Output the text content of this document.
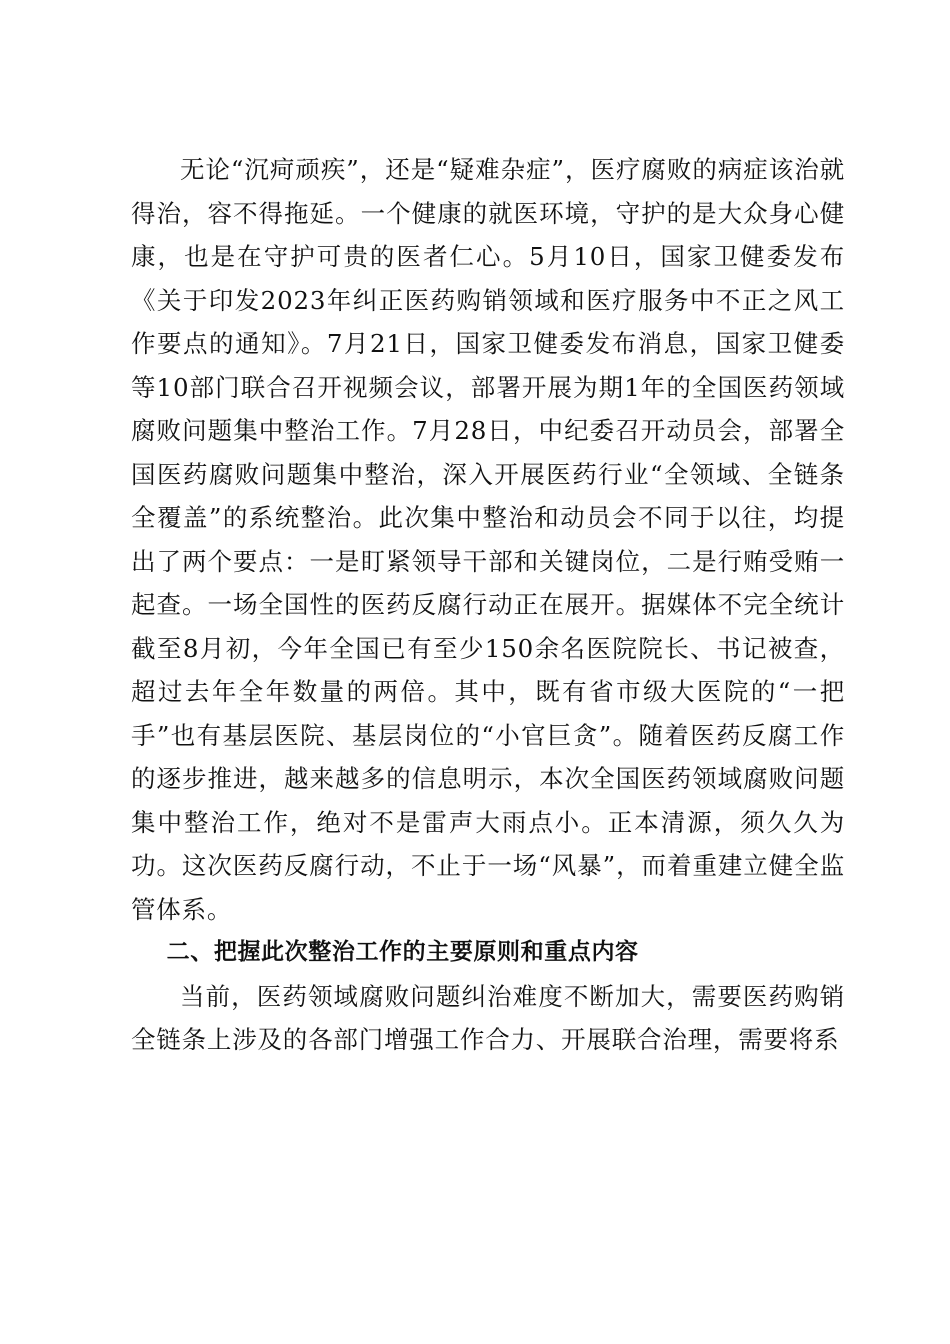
无论“沉疴顽疾”，还是“疑难杂症”，医疗腐败的病症该治就得治，容不得拖延。一个健康的就医环境，守护的是大众身心健康，也是在守护可贵的医者仁心。5月10日，国家卫健委发布《关于印发2023年纠正医药购销领域和医疗服务中不正之风工作要点的通知》。7月21日，国家卫健委发布消息，国家卫健委等10部门联合召开视频会议，部署开展为期1年的全国医药领域腐败问题集中整治工作。7月28日，中纪委召开动员会，部署全国医药腐败问题集中整治，深入开展医药行业“全领域、全链条全覆盖”的系统整治。此次集中整治和动员会不同于以往，均提出了两个要点：一是盯紧领导干部和关键岗位，二是行贿受贿一起查。一场全国性的医药反腐行动正在展开。据媒体不完全统计截至8月初，今年全国已有至少150余名医院院长、书记被查，超过去年全年数量的两倍。其中，既有省市级大医院的“一把手”也有基层医院、基层岗位的“小官巨贪”。随着医药反腐工作的逐步推进，越来越多的信息明示，本次全国医药领域腐败问题集中整治工作，绝对不是雷声大雨点小。正本清源，须久久为功。这次医药反腐行动，不止于一场“风暴”，而着重建立健全监管体系。

二、把握此次整治工作的主要原则和重点内容

当前，医药领域腐败问题纠治难度不断加大，需要医药购销全链条上涉及的各部门增强工作合力、开展联合治理，需要将系
